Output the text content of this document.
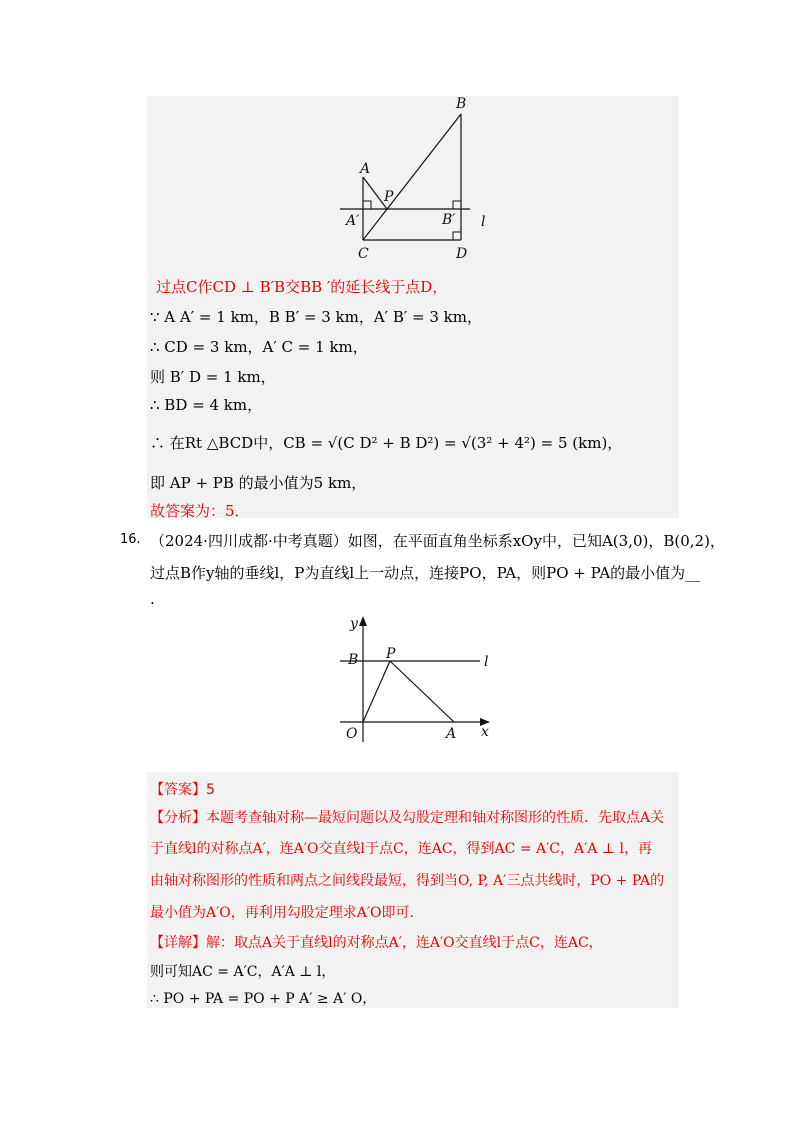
B
A
P
A′	B′ l
C	D
过点C作CD ⊥ B′B交BB ′的延长线于点D，
∵ A A′ = 1 km，B B′ = 3 km，A′ B′ = 3 km，
∴ CD = 3 km，A′ C = 1 km，
则 B′ D = 1 km，
∴ BD = 4 km，
∴ 在Rt △BCD中，CB = √(C D² + B D²) = √(3² + 4²) = 5 (km)，
即 AP + PB 的最小值为5 km，
故答案为：5．
16. （2024·四川成都·中考真题）如图，在平面直角坐标系xOy中，已知A(3,0)，B(0,2)，
过点B作y轴的垂线l，P为直线l上一动点，连接PO，PA，则PO + PA的最小值为__
.
y
B P	l
O	A x
【答案】5
【分析】本题考查轴对称—最短问题以及勾股定理和轴对称图形的性质．先取点A关
于直线l的对称点A′，连A′O交直线l于点C，连AC，得到AC = A′C，A′A ⊥ l，再
由轴对称图形的性质和两点之间线段最短，得到当O, P, A′三点共线时，PO + PA的
最小值为A′O，再利用勾股定理求A′O即可．
【详解】解：取点A关于直线l的对称点A′，连A′O交直线l于点C，连AC，
则可知AC = A′C，A′A ⊥ l，
∴ PO + PA = PO + P A′ ≥ A′ O，
